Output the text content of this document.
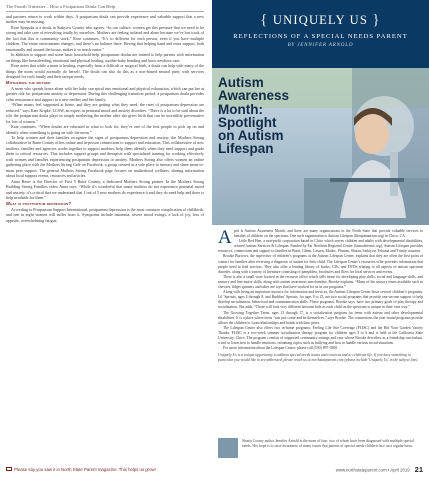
The Fourth Trimester – How a Postpartum Doula Can Help

and partners return to work within days. A postpartum doula can provide experience and valuable support that a new mother may be missing.

Rose Speguda is a doula in Stakyow County who agrees. “In our culture, women get this pressure that we need to be strong and take care of everything totally by ourselves. Mothers are feeling isolated and alone because we've lost track of the fact that this is community work.” Rose continues, “It’s so different for each person, even if you have multiple children. The entire environment changes, and there’s no balance there. Having that helping hand and extra support, both emotionally and around the house, makes it so much easier.”

In addition to support and some basic household help, postpartum doulas are trained to help parents with information on things like breastfeeding, emotional and physical healing, mother-baby bonding and basic newborn care.

Rose notes that while a mom is healing, especially from a difficult or surgical birth, a doula can help with many of the things the mom would normally do herself. The doula can also do this as a non-biased neutral party with services designed for each family and their unique needs.

Mothering the mother

A mom who spends hours alone with her baby can spiral into emotional and physical exhaustion, which can put her at greater risk for postpartum anxiety or depression. During this challenging transition period, a postpartum doula provides calm reassurance and support to a new mother and her family.

“When moms feel supported at home, and they are getting what they need, the rates of postpartum depression are reduced,” says Kate Kripke, LCSW, an expert in perinatal mood and anxiety disorders. “There is a lot to be said about the role the postpartum doula plays in simply mothering the mother after she gives birth that can be incredibly preventative for lots of women.”

Kate continues, “When doulas are educated in what to look for, they’re one of the first people to pick up on and identify when something is going on with the mom.”

To help women and their families recognize the signs of postpartum depression and anxiety, the Mothers Strong collaborative in Butte County offers online and in-person connections to support and education. This collaborative of new mothers, families and agencies works together to support mothers, help them identify when they need support and guide them to critical resources. That includes support groups and therapists with specialized training for working effectively with women and families experiencing postpartum depression or anxiety. Mothers Strong also offers women an online gathering place with the Mothers Strong Café on Facebook, a group created as a safe place to interact and share mom-to-mom peer support. The general Mothers Strong Facebook page focuses on motherhood wellness, sharing information about local support events, resources and articles.

Anna Raser is the Director of First 5 Butte County, a dedicated Mothers Strong partner. In the Mothers Strong Building Strong Families video Anna says, “While it’s wonderful that many mothers do not experience perinatal mood and anxiety, it’s critical that we understand that 1 out of 5 new mothers do experience it and they do need help and there is help available for them.”

What is postpartum depression?

According to Postpartum Support International, postpartum depression is the most common complication of childbirth, and one in eight women will suffer from it. Symptoms include insomnia, severe mood swings, a lack of joy, loss of appetite, overwhelming fatigue,

{ UNIQUELY US }
REFLECTIONS OF A SPECIAL NEEDS PARENT
BY JENNIFER ARNOLD
Autism
Awareness
Month:
Spotlight
on Autism
Lifespan

April is Autism Awareness Month, and there are many organizations in the North State that provide valuable services to families of children on the spectrum. One such organization is Autism Lifespan (lifespanautism.org) in Chico, CA.

Little Red Hen, a non-profit corporation based in Chico which serves children and adults with developmental disabilities, created Autism Services & Lifespan. Funded by Far Northern Regional Center (farnorthernrc.org), Autism Lifespan provides resources, connections and support to families in Butte, Glenn, Lassen, Modoc, Plumas, Shasta, Siskiyou, Tehama and Trinity counties.

Brooke Burrows, the supervisor of children’s programs at the Autism Lifespan Center, explains that they are often the first point of contact for families after receiving a diagnosis of autism for their child. The Lifespan Center’s resources offer provides information that people need to find services. They also offer a lending library of books, CDs, and DVDs relating to all aspects of autism spectrum disorder, along with a variety of literature consisting of pamphlets, brochures and fliers for local services and events.

There is also a small store located in the resource office which sells items for developing play skills, social and language skills, and sensory and fine motor skills, along with autism awareness merchandise. Brooke explains, “Many of the sensory items available such as chewies, fidget spinners and tubes are toys that have worked for us in our programs.”

Along with being an important resource for information and services, the Autism Lifespan Center hosts several children’s programs. Lil’ Sprouts, ages 4 through 8, and Buddies’ Sprouts, for ages 9 to 25, are two social programs that provide one-on-one support to help develop socialization, behavioral and communication skills. These programs, Brooke says, have two primary goals of play therapy and socialization. She adds, “Those will look very different between kids as each child on the spectrum is unique in their own way.”

The Growing Together Teens, ages 13 through 17, is a socialization program for teens with autism and other developmental disabilities. It is a place where teens “can just come and be themselves,” says Brooke. The connections the year-round programs provide allows the children to form relationships and bonds with their peers.

The Lifespan Center also offers two in-home programs: Feeling Life Site Coverage (FLISC) and the Bid Your Garden Variety Thanks. FLISC is a two-week summer socialization therapy program for children ages 3 to 6 and is held at the California State University, Chico. The program consists of supported community outings and case whose Brooke describes as a friendship curriculum, a tool to learn how to handle emotions, reframing topics such as bullying and how to handle various social situations.

For more information about the Lifespan Center, please call (530) 897-0300.

Uniquely Us is a unique opportunity to address special needs issues and concerns and to celebrate life. If you have something in particular you would like to see addressed, please reach us at northstateparent.com (please include 'Uniquely Us' in the subject line).
Shasta County author Jennifer Arnold is the mom of four, two of whom have been diagnosed with multiple special needs. Her hope is to raise awareness of many issues that parents of special needs children face on a regular basis.
Please say you saw it in North State Parent magazine. This helps us grow!	www.northstateparent.com • April 2019 21
